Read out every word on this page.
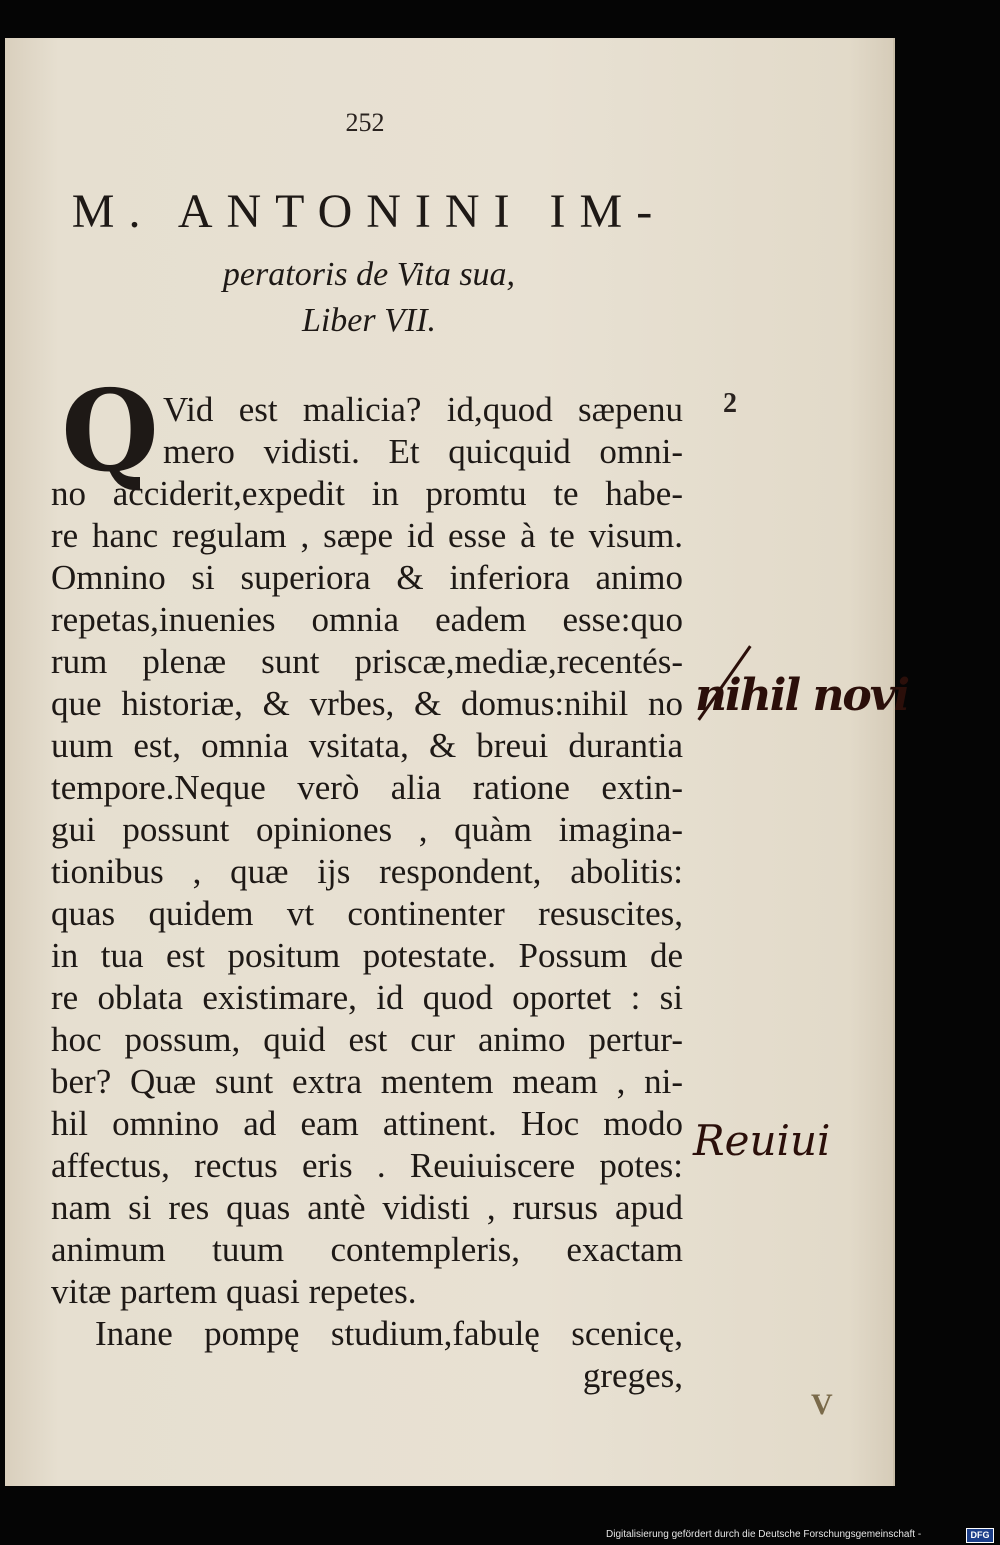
252
M. ANTONINI IM-
peratoris de Vita sua,
Liber VII.
Q Vid est malicia? id,quod sæpenu
mero vidisti. Et quicquid omni-
no acciderit,expedit in promtu te habe-
re hanc regulam , sæpe id esse à te visum.
Omnino si superiora & inferiora animo
repetas,inuenies omnia eadem esse:quo
rum plenæ sunt priscæ,mediæ,recentés-
que historiæ, & vrbes, & domus:nihil no
uum est, omnia vsitata, & breui durantia
tempore.Neque verò alia ratione extin-
gui possunt opiniones , quàm imagina-
tionibus , quæ ijs respondent, abolitis:
quas quidem vt continenter resuscites,
in tua est positum potestate. Possum de
re oblata existimare, id quod oportet : si
hoc possum, quid est cur animo pertur-
ber? Quæ sunt extra mentem meam , ni-
hil omnino ad eam attinent. Hoc modo
affectus, rectus eris . Reuiuiscere potes:
nam si res quas antè vidisti , rursus apud
animum tuum contempleris, exactam
vitæ partem quasi repetes.
Inane pompę studium,fabulę scenicę,
greges,
2
nihil novi
Reuiui
V
Digitalisierung gefördert durch die Deutsche Forschungsgemeinschaft -	DFG
